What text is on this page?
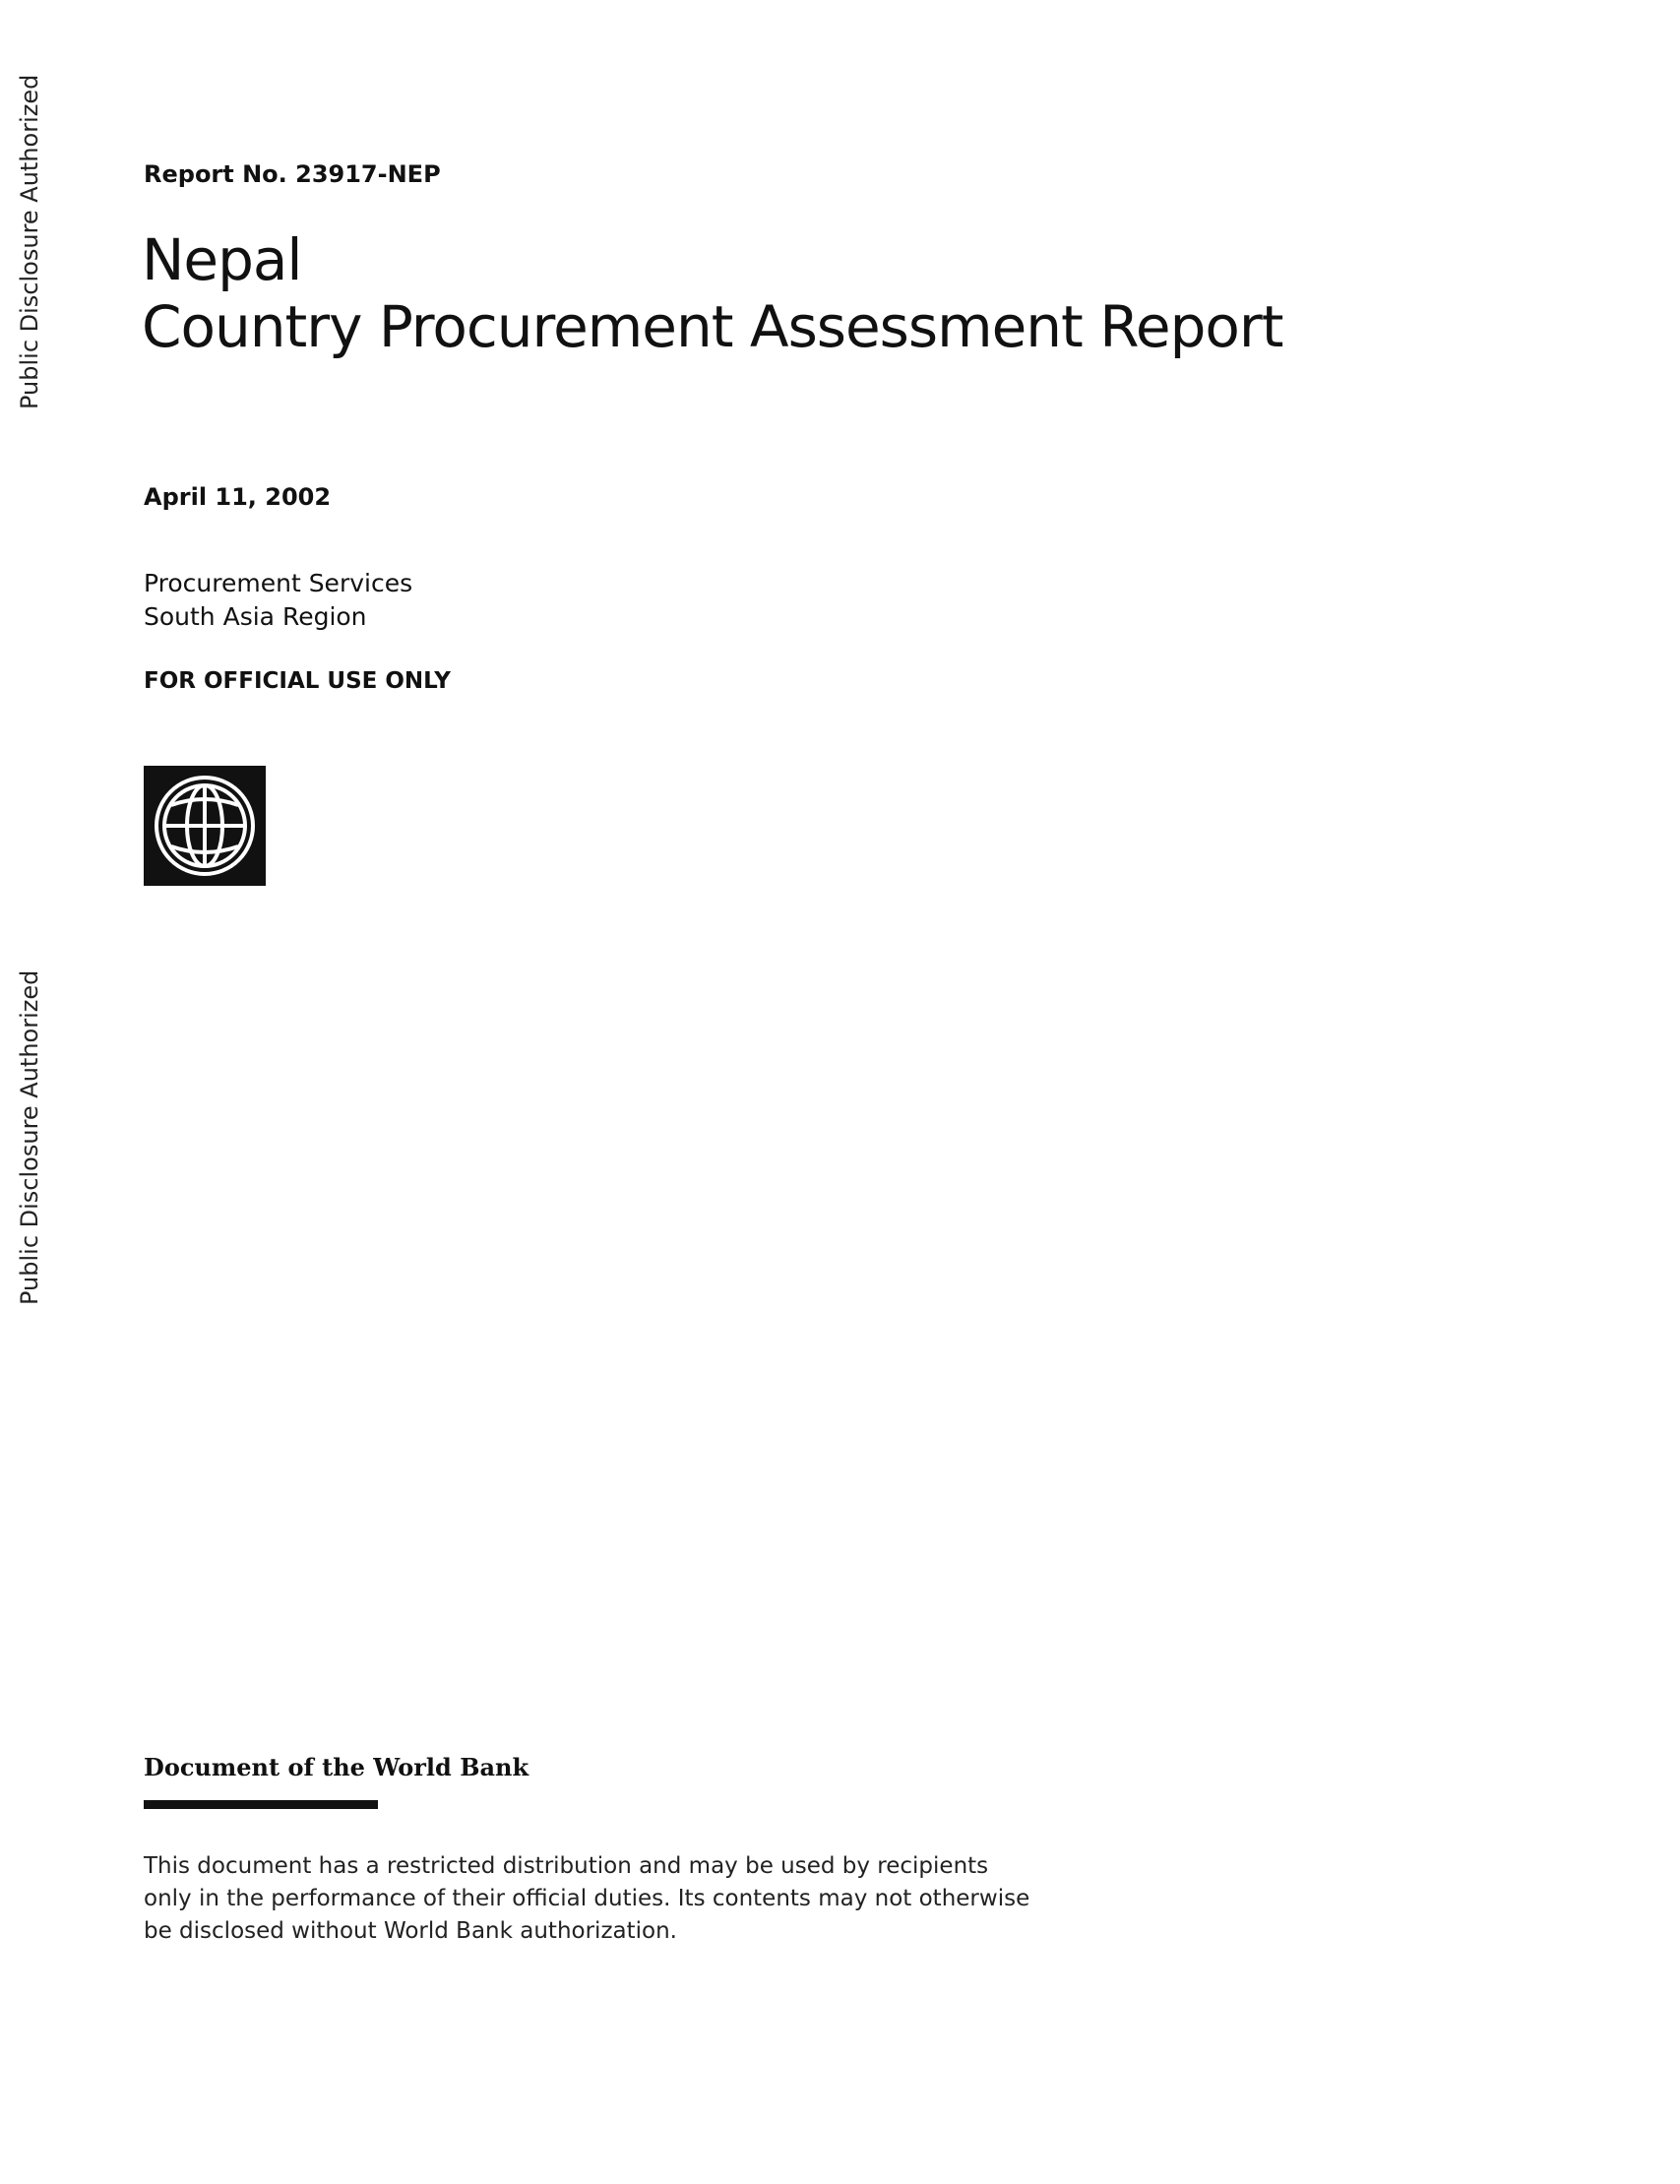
Public Disclosure Authorized
Public Disclosure Authorized

Report No. 23917-NEP

Nepal
Country Procurement Assessment Report

April 11, 2002

Procurement Services
South Asia Region

FOR OFFICIAL USE ONLY

Document of the World Bank

This document has a restricted distribution and may be used by recipients
only in the performance of their official duties. Its contents may not otherwise
be disclosed without World Bank authorization.
